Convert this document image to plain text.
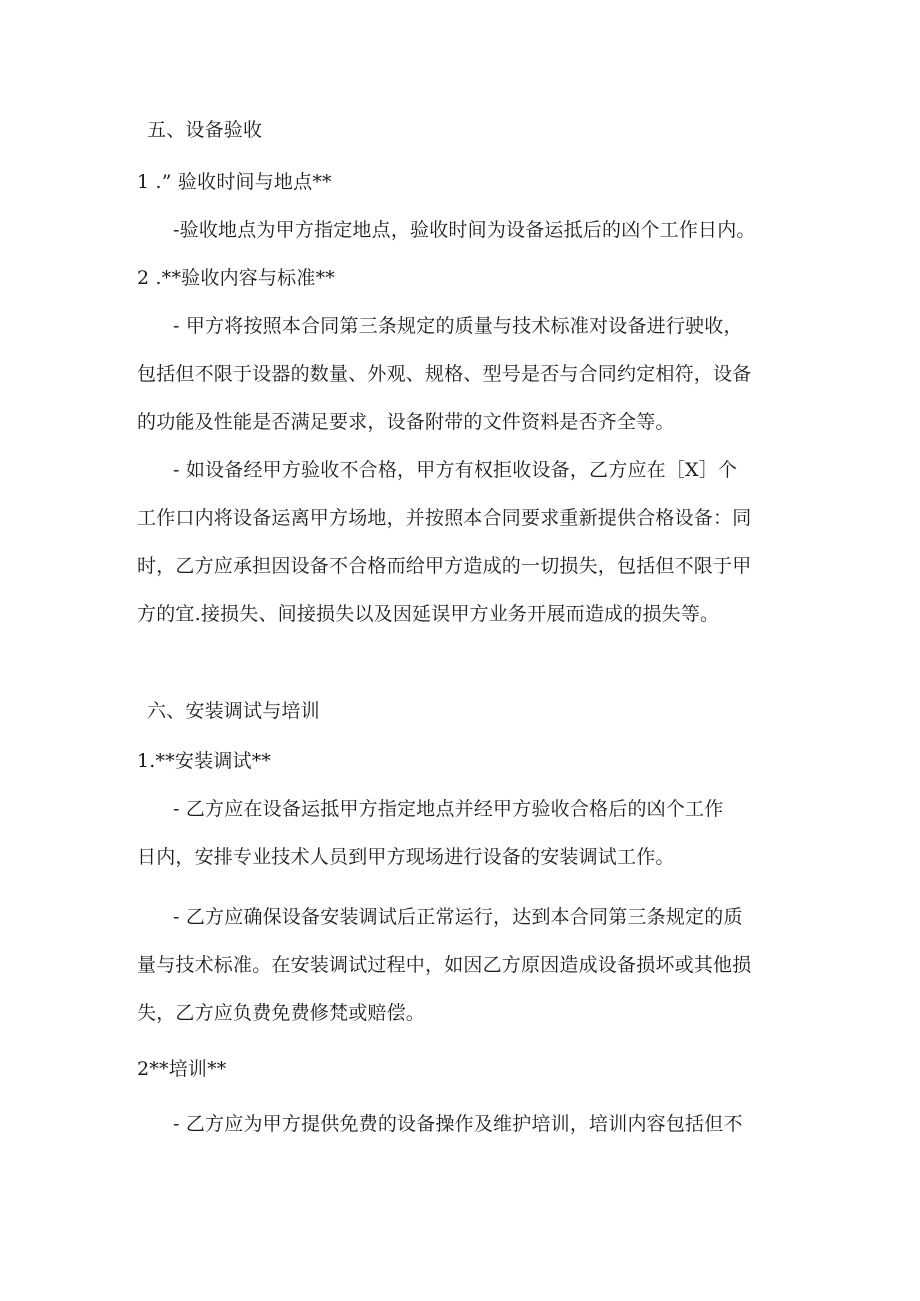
五、设备验收

1 .” 验收时间与地点**

-验收地点为甲方指定地点，验收时间为设备运抵后的凶个工作日内。

2 .**验收内容与标准**

- 甲方将按照本合同第三条规定的质量与技术标准对设备进行驶收，

包括但不限于设器的数量、外观、规格、型号是否与合同约定相符，设备

的功能及性能是否满足要求，设备附带的文件资料是否齐全等。

- 如设备经甲方验收不合格，甲方有权拒收设备，乙方应在［X］个

工作口内将设备运离甲方场地，并按照本合同要求重新提供合格设备：同

时，乙方应承担因设备不合格而给甲方造成的一切损失，包括但不限于甲

方的宜.接损失、间接损失以及因延误甲方业务开展而造成的损失等。

六、安装调试与培训

1.**安装调试**

- 乙方应在设备运抵甲方指定地点并经甲方验收合格后的凶个工作

日内，安排专业技术人员到甲方现场进行设备的安装调试工作。

- 乙方应确保设备安装调试后正常运行，达到本合同第三条规定的质

量与技术标准。在安装调试过程中，如因乙方原因造成设备损坏或其他损

失，乙方应负费免费修梵或赔偿。

2**培训**

- 乙方应为甲方提供免费的设备操作及维护培训，培训内容包括但不
